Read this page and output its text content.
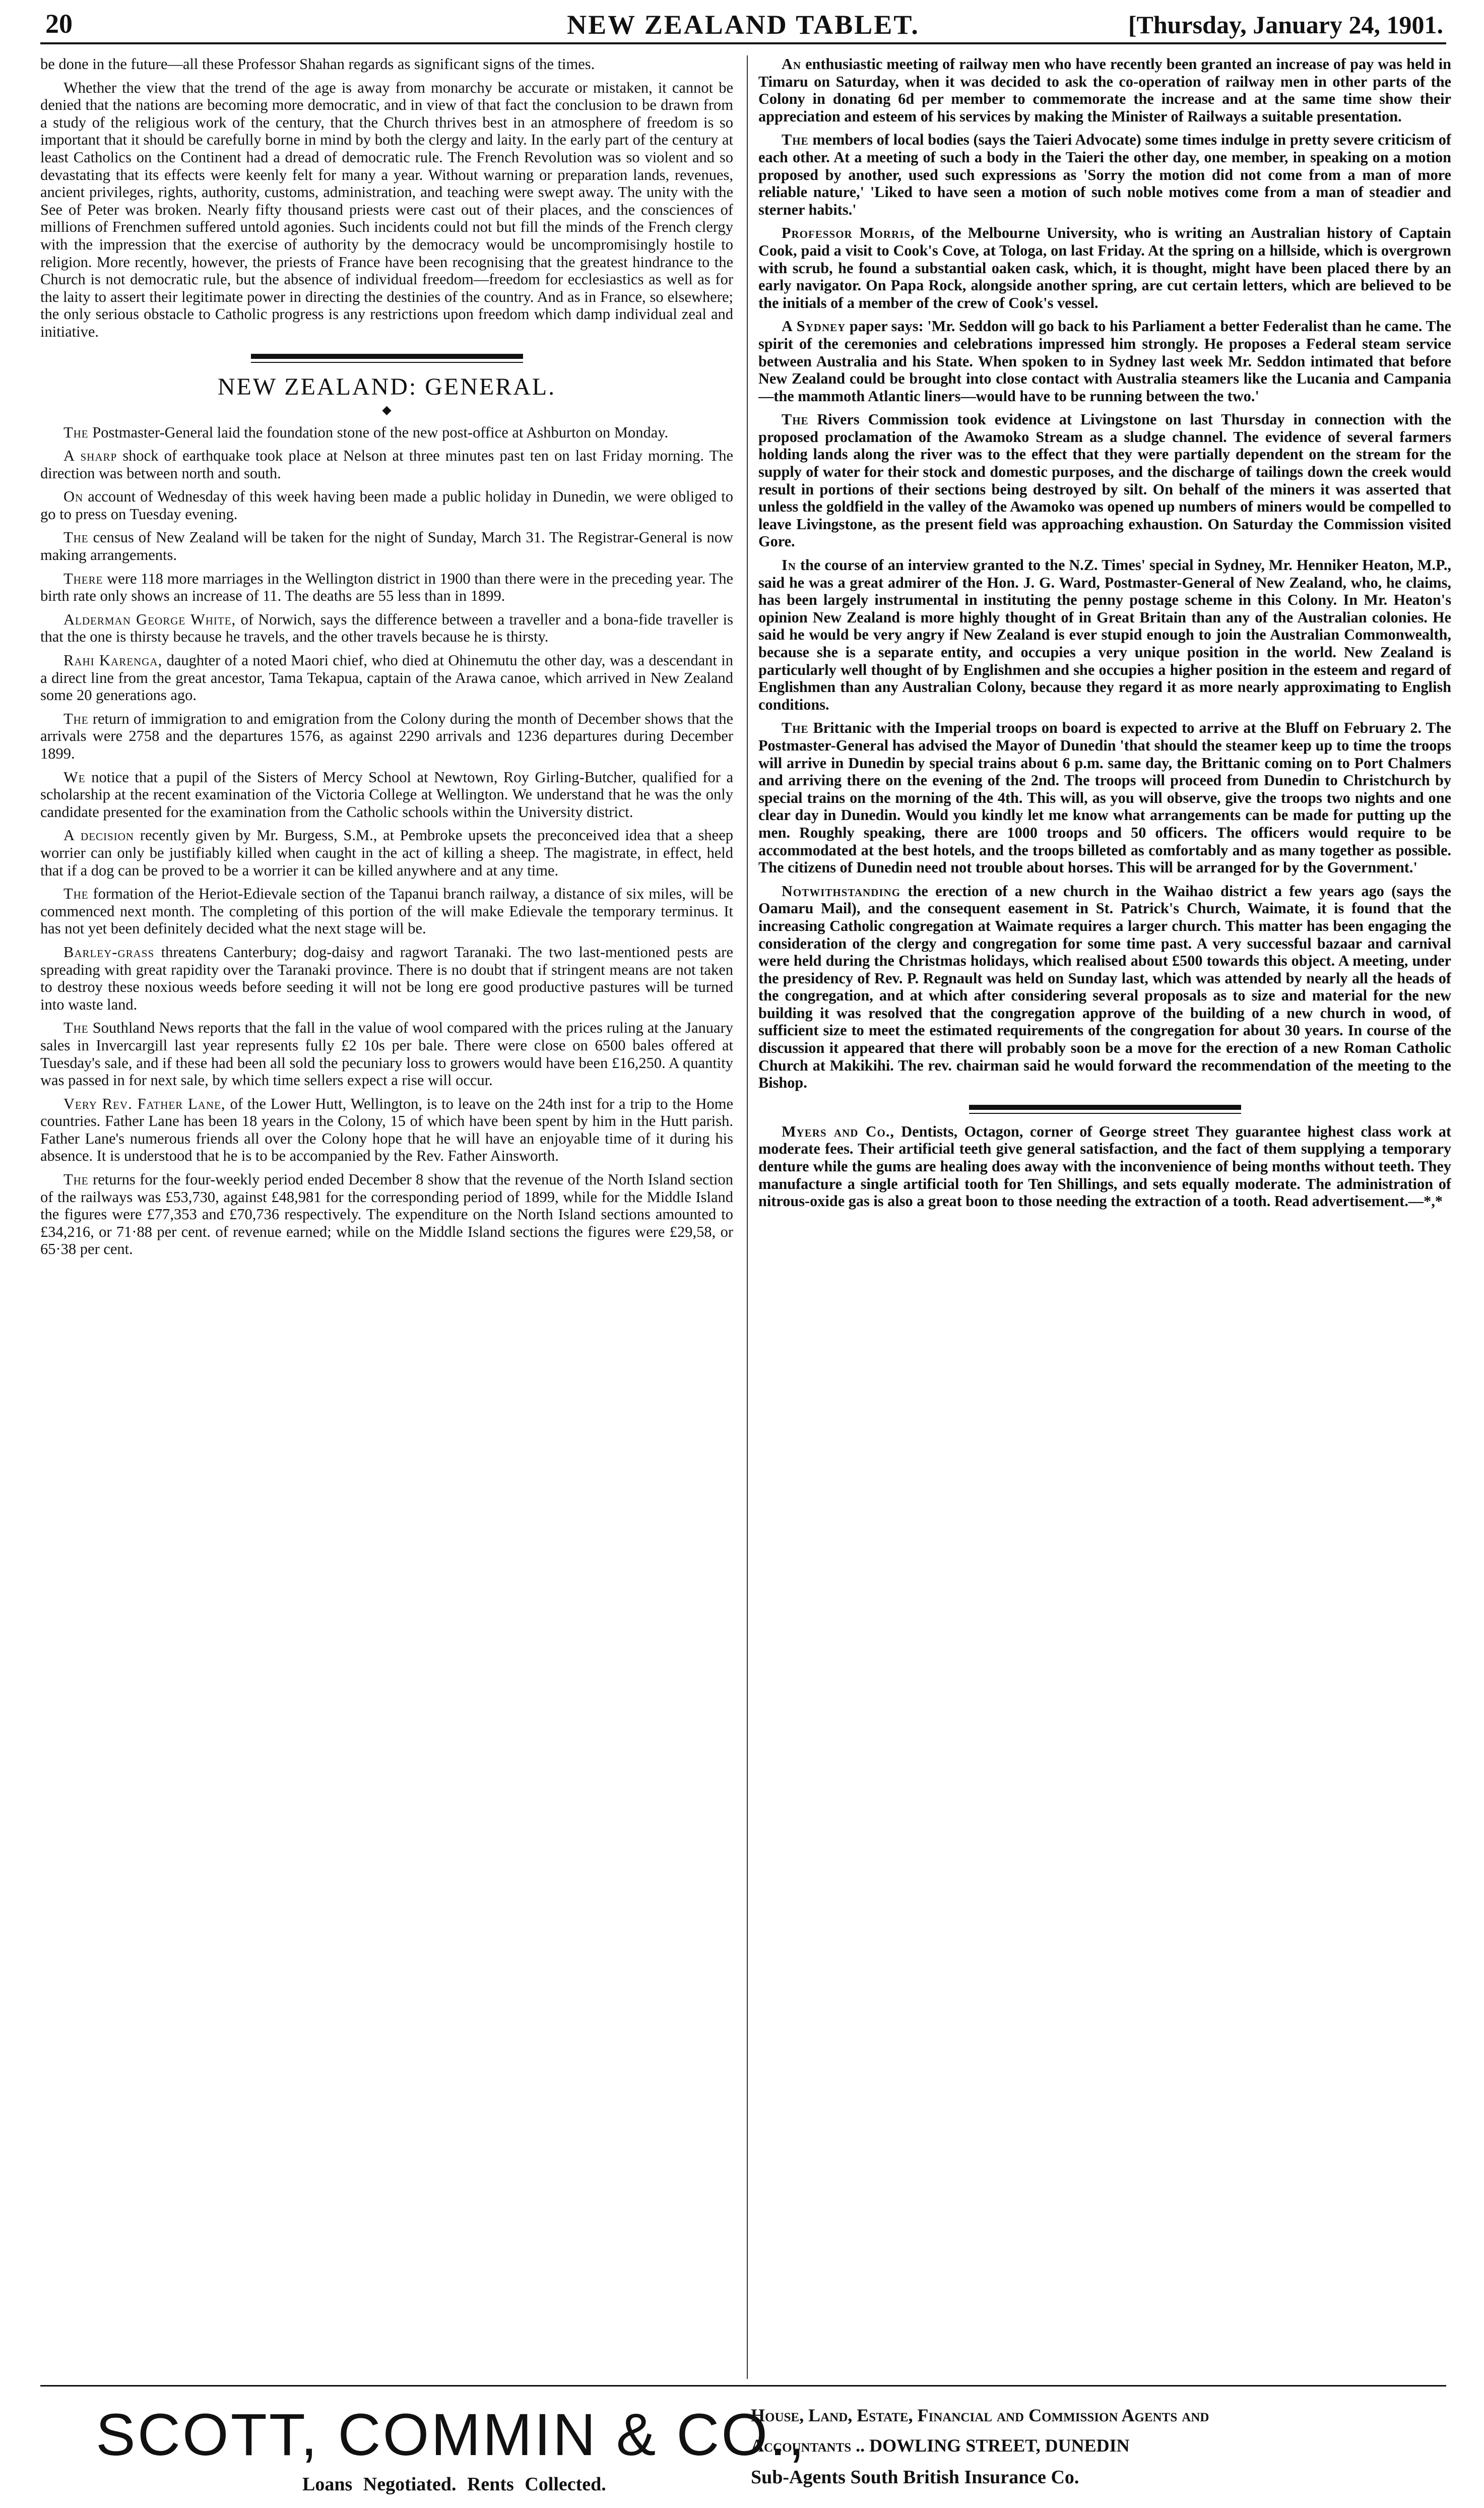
20	NEW ZEALAND TABLET.	[Thursday, January 24, 1901.

be done in the future—all these Professor Shahan regards as significant signs of the times.

Whether the view that the trend of the age is away from monarchy be accurate or mistaken, it cannot be denied that the nations are becoming more democratic, and in view of that fact the conclusion to be drawn from a study of the religious work of the century, that the Church thrives best in an atmosphere of freedom is so important that it should be carefully borne in mind by both the clergy and laity. In the early part of the century at least Catholics on the Continent had a dread of democratic rule. The French Revolution was so violent and so devastating that its effects were keenly felt for many a year. Without warning or preparation lands, revenues, ancient privileges, rights, authority, customs, administration, and teaching were swept away. The unity with the See of Peter was broken. Nearly fifty thousand priests were cast out of their places, and the consciences of millions of Frenchmen suffered untold agonies. Such incidents could not but fill the minds of the French clergy with the impression that the exercise of authority by the democracy would be uncompromisingly hostile to religion. More recently, however, the priests of France have been recognising that the greatest hindrance to the Church is not democratic rule, but the absence of individual freedom—freedom for ecclesiastics as well as for the laity to assert their legitimate power in directing the destinies of the country. And as in France, so elsewhere; the only serious obstacle to Catholic progress is any restrictions upon freedom which damp individual zeal and initiative.

NEW ZEALAND: GENERAL.
◆

The Postmaster-General laid the foundation stone of the new post-office at Ashburton on Monday.

A sharp shock of earthquake took place at Nelson at three minutes past ten on last Friday morning. The direction was between north and south.

On account of Wednesday of this week having been made a public holiday in Dunedin, we were obliged to go to press on Tuesday evening.

The census of New Zealand will be taken for the night of Sunday, March 31. The Registrar-General is now making arrangements.

There were 118 more marriages in the Wellington district in 1900 than there were in the preceding year. The birth rate only shows an increase of 11. The deaths are 55 less than in 1899.

Alderman George White, of Norwich, says the difference between a traveller and a bona-fide traveller is that the one is thirsty because he travels, and the other travels because he is thirsty.

Rahi Karenga, daughter of a noted Maori chief, who died at Ohinemutu the other day, was a descendant in a direct line from the great ancestor, Tama Tekapua, captain of the Arawa canoe, which arrived in New Zealand some 20 generations ago.

The return of immigration to and emigration from the Colony during the month of December shows that the arrivals were 2758 and the departures 1576, as against 2290 arrivals and 1236 departures during December 1899.

We notice that a pupil of the Sisters of Mercy School at Newtown, Roy Girling-Butcher, qualified for a scholarship at the recent examination of the Victoria College at Wellington. We understand that he was the only candidate presented for the examination from the Catholic schools within the University district.

A decision recently given by Mr. Burgess, S.M., at Pembroke upsets the preconceived idea that a sheep worrier can only be justifiably killed when caught in the act of killing a sheep. The magistrate, in effect, held that if a dog can be proved to be a worrier it can be killed anywhere and at any time.

The formation of the Heriot-Edievale section of the Tapanui branch railway, a distance of six miles, will be commenced next month. The completing of this portion of the will make Edievale the temporary terminus. It has not yet been definitely decided what the next stage will be.

Barley-grass threatens Canterbury; dog-daisy and ragwort Taranaki. The two last-mentioned pests are spreading with great rapidity over the Taranaki province. There is no doubt that if stringent means are not taken to destroy these noxious weeds before seeding it will not be long ere good productive pastures will be turned into waste land.

The Southland News reports that the fall in the value of wool compared with the prices ruling at the January sales in Invercargill last year represents fully £2 10s per bale. There were close on 6500 bales offered at Tuesday's sale, and if these had been all sold the pecuniary loss to growers would have been £16,250. A quantity was passed in for next sale, by which time sellers expect a rise will occur.

Very Rev. Father Lane, of the Lower Hutt, Wellington, is to leave on the 24th inst for a trip to the Home countries. Father Lane has been 18 years in the Colony, 15 of which have been spent by him in the Hutt parish. Father Lane's numerous friends all over the Colony hope that he will have an enjoyable time of it during his absence. It is understood that he is to be accompanied by the Rev. Father Ainsworth.

The returns for the four-weekly period ended December 8 show that the revenue of the North Island section of the railways was £53,730, against £48,981 for the corresponding period of 1899, while for the Middle Island the figures were £77,353 and £70,736 respectively. The expenditure on the North Island sections amounted to £34,216, or 71·88 per cent. of revenue earned; while on the Middle Island sections the figures were £29,58, or 65·38 per cent.

An enthusiastic meeting of railway men who have recently been granted an increase of pay was held in Timaru on Saturday, when it was decided to ask the co-operation of railway men in other parts of the Colony in donating 6d per member to commemorate the increase and at the same time show their appreciation and esteem of his services by making the Minister of Railways a suitable presentation.

The members of local bodies (says the Taieri Advocate) some times indulge in pretty severe criticism of each other. At a meeting of such a body in the Taieri the other day, one member, in speaking on a motion proposed by another, used such expressions as 'Sorry the motion did not come from a man of more reliable nature,' 'Liked to have seen a motion of such noble motives come from a man of steadier and sterner habits.'

Professor Morris, of the Melbourne University, who is writing an Australian history of Captain Cook, paid a visit to Cook's Cove, at Tologa, on last Friday. At the spring on a hillside, which is overgrown with scrub, he found a substantial oaken cask, which, it is thought, might have been placed there by an early navigator. On Papa Rock, alongside another spring, are cut certain letters, which are believed to be the initials of a member of the crew of Cook's vessel.

A Sydney paper says: 'Mr. Seddon will go back to his Parliament a better Federalist than he came. The spirit of the ceremonies and celebrations impressed him strongly. He proposes a Federal steam service between Australia and his State. When spoken to in Sydney last week Mr. Seddon intimated that before New Zealand could be brought into close contact with Australia steamers like the Lucania and Campania—the mammoth Atlantic liners—would have to be running between the two.'

The Rivers Commission took evidence at Livingstone on last Thursday in connection with the proposed proclamation of the Awamoko Stream as a sludge channel. The evidence of several farmers holding lands along the river was to the effect that they were partially dependent on the stream for the supply of water for their stock and domestic purposes, and the discharge of tailings down the creek would result in portions of their sections being destroyed by silt. On behalf of the miners it was asserted that unless the goldfield in the valley of the Awamoko was opened up numbers of miners would be compelled to leave Livingstone, as the present field was approaching exhaustion. On Saturday the Commission visited Gore.

In the course of an interview granted to the N.Z. Times' special in Sydney, Mr. Henniker Heaton, M.P., said he was a great admirer of the Hon. J. G. Ward, Postmaster-General of New Zealand, who, he claims, has been largely instrumental in instituting the penny postage scheme in this Colony. In Mr. Heaton's opinion New Zealand is more highly thought of in Great Britain than any of the Australian colonies. He said he would be very angry if New Zealand is ever stupid enough to join the Australian Commonwealth, because she is a separate entity, and occupies a very unique position in the world. New Zealand is particularly well thought of by Englishmen and she occupies a higher position in the esteem and regard of Englishmen than any Australian Colony, because they regard it as more nearly approximating to English conditions.

The Brittanic with the Imperial troops on board is expected to arrive at the Bluff on February 2. The Postmaster-General has advised the Mayor of Dunedin 'that should the steamer keep up to time the troops will arrive in Dunedin by special trains about 6 p.m. same day, the Brittanic coming on to Port Chalmers and arriving there on the evening of the 2nd. The troops will proceed from Dunedin to Christchurch by special trains on the morning of the 4th. This will, as you will observe, give the troops two nights and one clear day in Dunedin. Would you kindly let me know what arrangements can be made for putting up the men. Roughly speaking, there are 1000 troops and 50 officers. The officers would require to be accommodated at the best hotels, and the troops billeted as comfortably and as many together as possible. The citizens of Dunedin need not trouble about horses. This will be arranged for by the Government.'

Notwithstanding the erection of a new church in the Waihao district a few years ago (says the Oamaru Mail), and the consequent easement in St. Patrick's Church, Waimate, it is found that the increasing Catholic congregation at Waimate requires a larger church. This matter has been engaging the consideration of the clergy and congregation for some time past. A very successful bazaar and carnival were held during the Christmas holidays, which realised about £500 towards this object. A meeting, under the presidency of Rev. P. Regnault was held on Sunday last, which was attended by nearly all the heads of the congregation, and at which after considering several proposals as to size and material for the new building it was resolved that the congregation approve of the building of a new church in wood, of sufficient size to meet the estimated requirements of the congregation for about 30 years. In course of the discussion it appeared that there will probably soon be a move for the erection of a new Roman Catholic Church at Makikihi. The rev. chairman said he would forward the recommendation of the meeting to the Bishop.

Myers and Co., Dentists, Octagon, corner of George street They guarantee highest class work at moderate fees. Their artificial teeth give general satisfaction, and the fact of them supplying a temporary denture while the gums are healing does away with the inconvenience of being months without teeth. They manufacture a single artificial tooth for Ten Shillings, and sets equally moderate. The administration of nitrous-oxide gas is also a great boon to those needing the extraction of a tooth. Read advertisement.—*,*

SCOTT, COMMIN & CO.,
Loans Negotiated. Rents Collected.
House, Land, Estate, Financial and Commission Agents and
Accountants .. DOWLING STREET, DUNEDIN
Sub-Agents South British Insurance Co.
